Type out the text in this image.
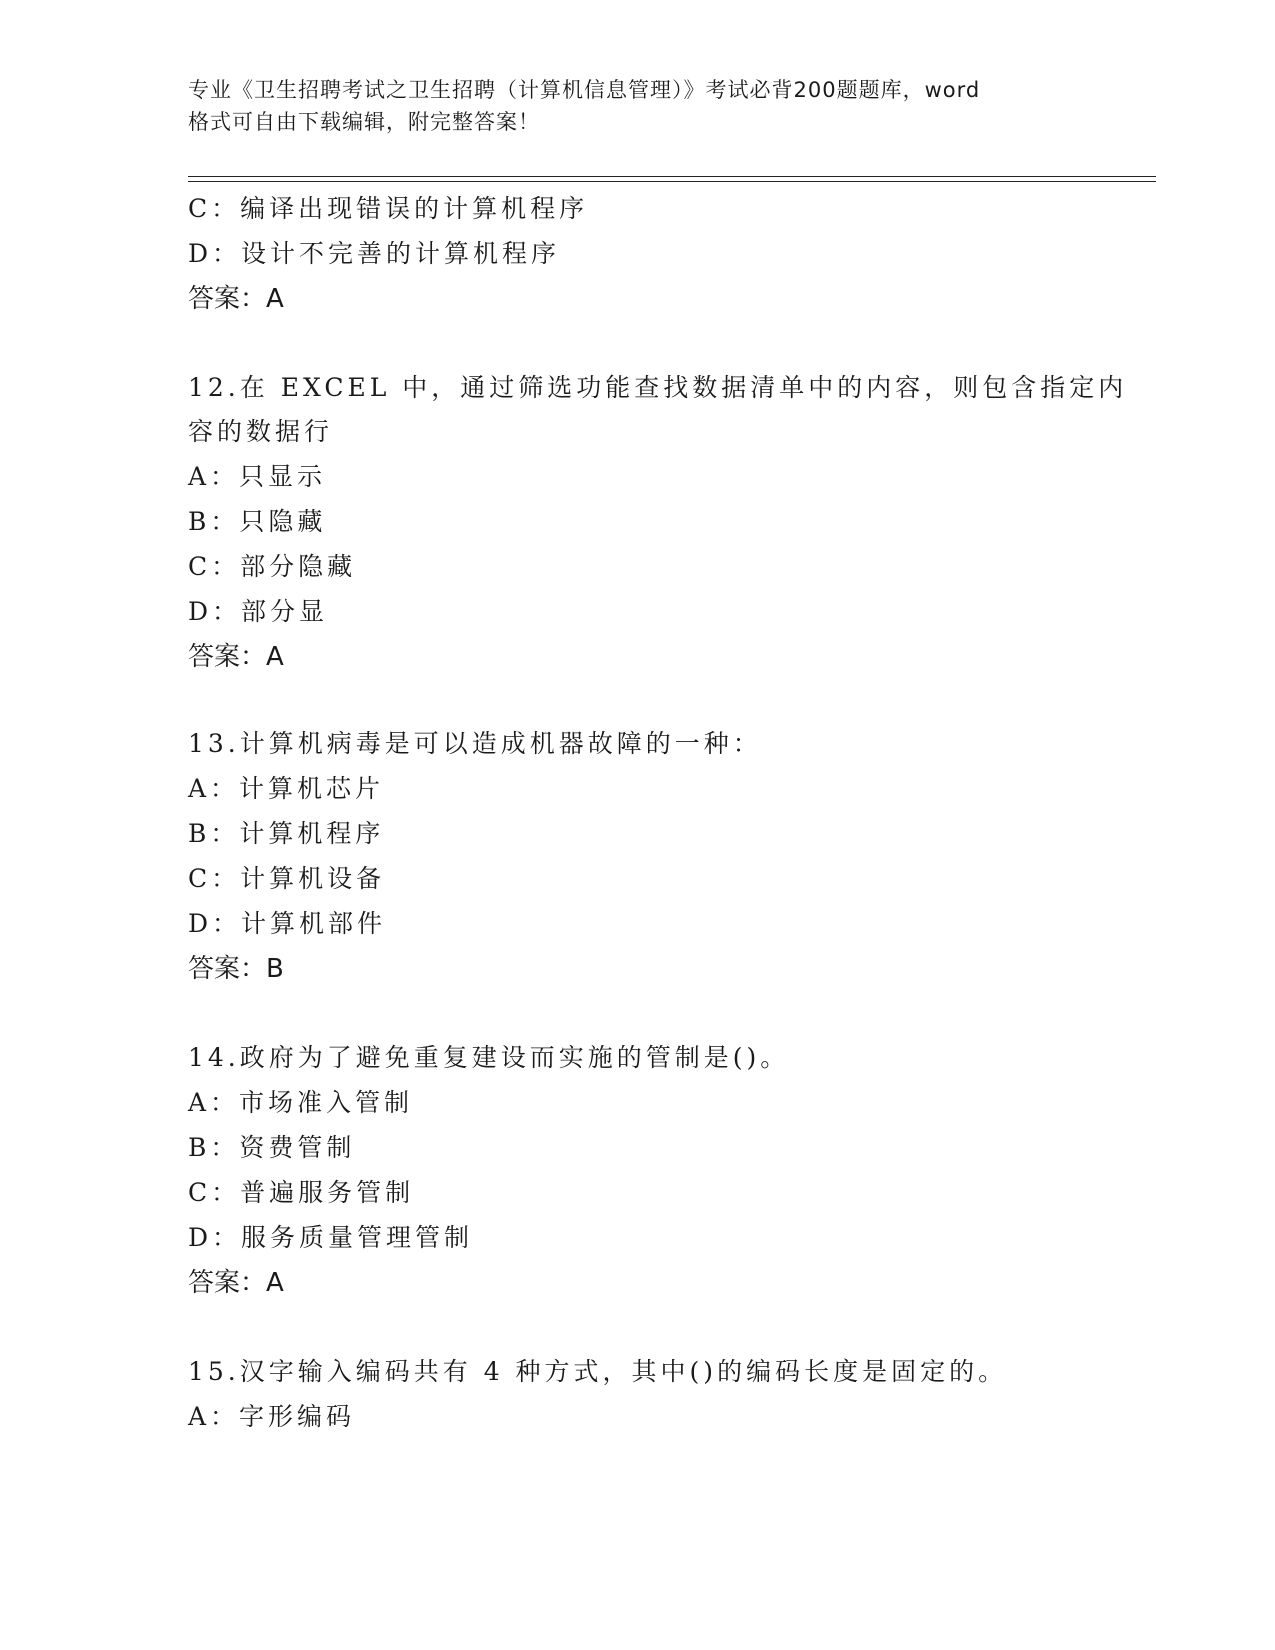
专业《卫生招聘考试之卫生招聘（计算机信息管理）》考试必背200题题库，word
格式可自由下载编辑，附完整答案！
C：编译出现错误的计算机程序
D：设计不完善的计算机程序
答案：A
12.在 EXCEL 中，通过筛选功能查找数据清单中的内容，则包含指定内
容的数据行
A：只显示
B：只隐藏
C：部分隐藏
D：部分显
答案：A
13.计算机病毒是可以造成机器故障的一种：
A：计算机芯片
B：计算机程序
C：计算机设备
D：计算机部件
答案：B
14.政府为了避免重复建设而实施的管制是()。
A：市场准入管制
B：资费管制
C：普遍服务管制
D：服务质量管理管制
答案：A
15.汉字输入编码共有 4 种方式，其中()的编码长度是固定的。
A：字形编码
